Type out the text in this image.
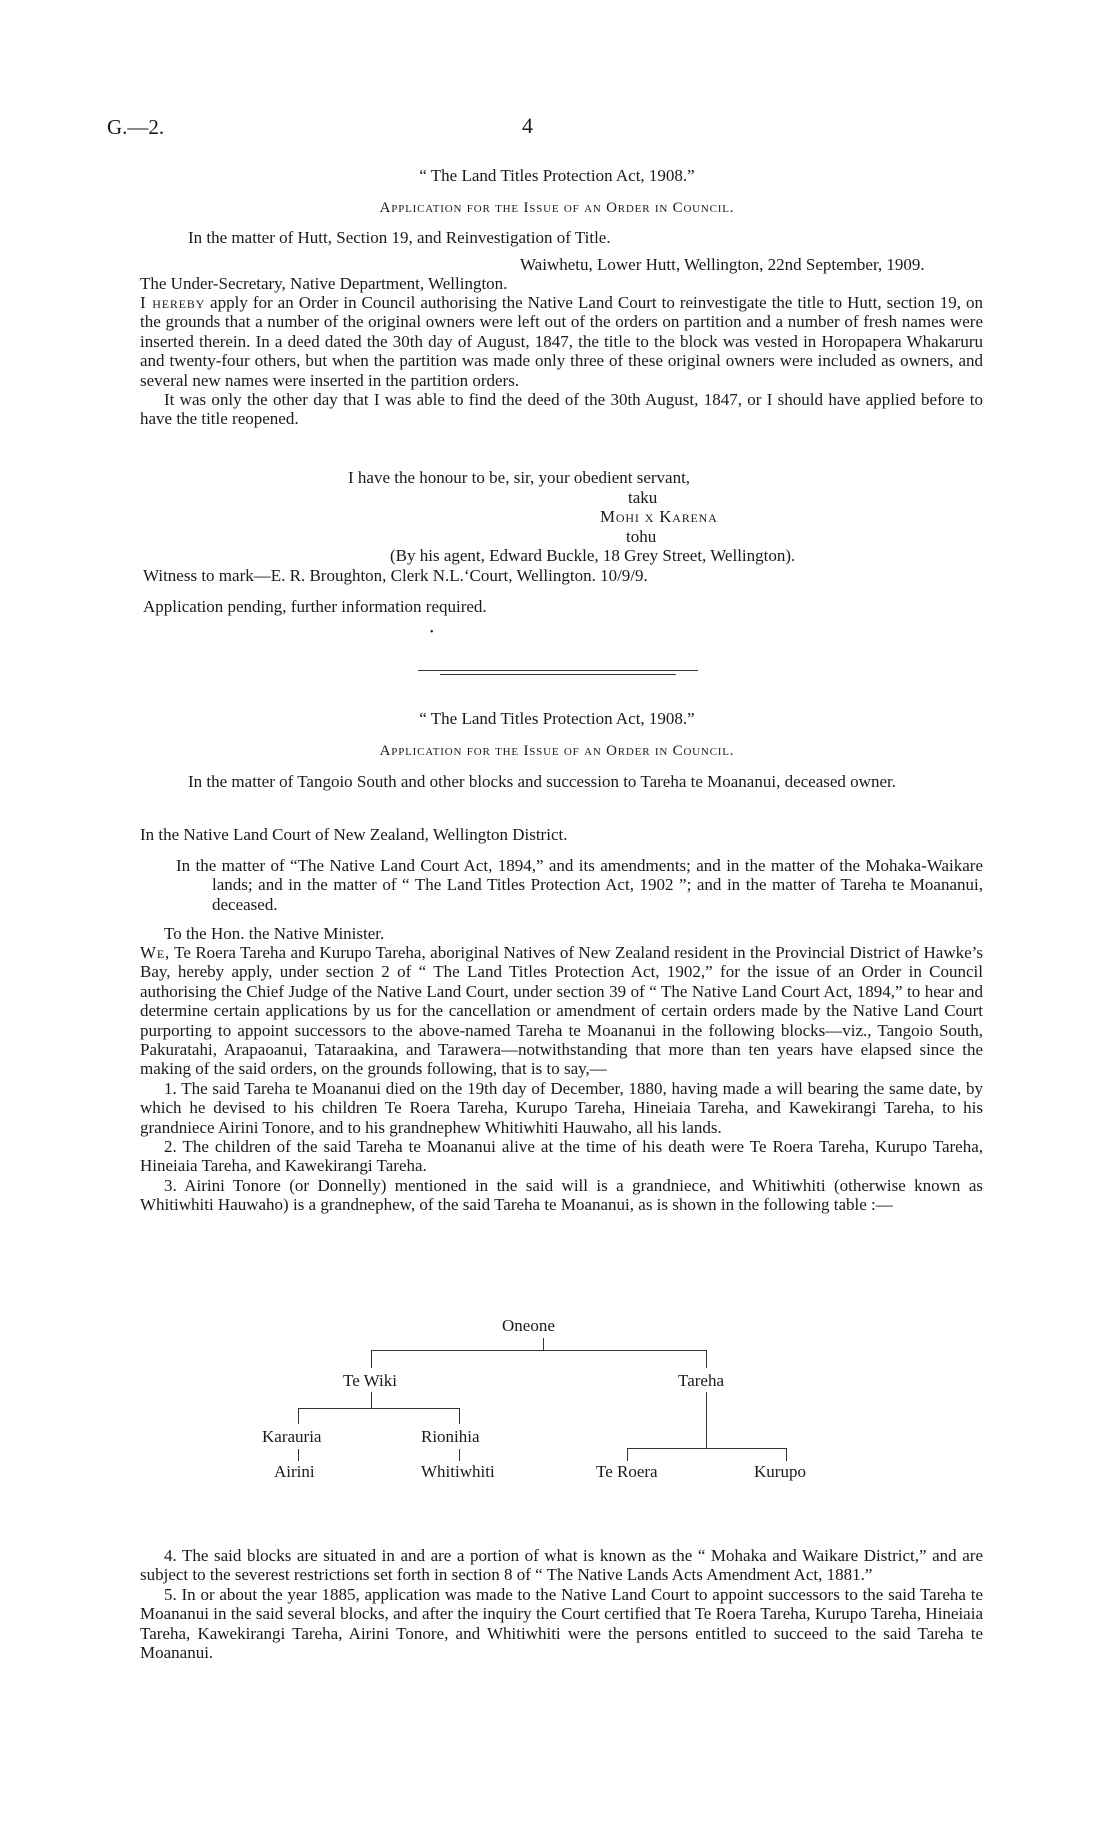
G.—2.	4
“ The Land Titles Protection Act, 1908.”
Application for the Issue of an Order in Council.
In the matter of Hutt, Section 19, and Reinvestigation of Title.
Waiwhetu, Lower Hutt, Wellington, 22nd September, 1909.
The Under-Secretary, Native Department, Wellington.

I hereby apply for an Order in Council authorising the Native Land Court to reinvestigate the title to Hutt, section 19, on the grounds that a number of the original owners were left out of the orders on partition and a number of fresh names were inserted therein. In a deed dated the 30th day of August, 1847, the title to the block was vested in Horopapera Whakaruru and twenty-four others, but when the partition was made only three of these original owners were included as owners, and several new names were inserted in the partition orders.

It was only the other day that I was able to find the deed of the 30th August, 1847, or I should have applied before to have the title reopened.

I have the honour to be, sir, your obedient servant,
taku
Mohi x Karena
tohu
(By his agent, Edward Buckle, 18 Grey Street, Wellington).
Witness to mark—E. R. Broughton, Clerk N.L.‘Court, Wellington. 10/9/9.
Application pending, further information required.
•
“ The Land Titles Protection Act, 1908.”
Application for the Issue of an Order in Council.
In the matter of Tangoio South and other blocks and succession to Tareha te Moananui, deceased owner.
In the Native Land Court of New Zealand, Wellington District.
In the matter of “The Native Land Court Act, 1894,” and its amendments; and in the matter of the Mohaka-Waikare lands; and in the matter of “ The Land Titles Protection Act, 1902 ”; and in the matter of Tareha te Moananui, deceased.
To the Hon. the Native Minister.

We, Te Roera Tareha and Kurupo Tareha, aboriginal Natives of New Zealand resident in the Provincial District of Hawke’s Bay, hereby apply, under section 2 of “ The Land Titles Protection Act, 1902,” for the issue of an Order in Council authorising the Chief Judge of the Native Land Court, under section 39 of “ The Native Land Court Act, 1894,” to hear and determine certain applications by us for the cancellation or amendment of certain orders made by the Native Land Court purporting to appoint successors to the above-named Tareha te Moananui in the following blocks—viz., Tangoio South, Pakuratahi, Arapaoanui, Tataraakina, and Tarawera—notwithstanding that more than ten years have elapsed since the making of the said orders, on the grounds following, that is to say,—

1. The said Tareha te Moananui died on the 19th day of December, 1880, having made a will bearing the same date, by which he devised to his children Te Roera Tareha, Kurupo Tareha, Hineiaia Tareha, and Kawekirangi Tareha, to his grandniece Airini Tonore, and to his grandnephew Whitiwhiti Hauwaho, all his lands.

2. The children of the said Tareha te Moananui alive at the time of his death were Te Roera Tareha, Kurupo Tareha, Hineiaia Tareha, and Kawekirangi Tareha.

3. Airini Tonore (or Donnelly) mentioned in the said will is a grandniece, and Whitiwhiti (otherwise known as Whitiwhiti Hauwaho) is a grandnephew, of the said Tareha te Moananui, as is shown in the following table :—

Oneone
Te Wiki	Tareha
Karauria	Rionihia
Airini	Whitiwhiti	Te Roera	Kurupo

4. The said blocks are situated in and are a portion of what is known as the “ Mohaka and Waikare District,” and are subject to the severest restrictions set forth in section 8 of “ The Native Lands Acts Amendment Act, 1881.”

5. In or about the year 1885, application was made to the Native Land Court to appoint successors to the said Tareha te Moananui in the said several blocks, and after the inquiry the Court certified that Te Roera Tareha, Kurupo Tareha, Hineiaia Tareha, Kawekirangi Tareha, Airini Tonore, and Whitiwhiti were the persons entitled to succeed to the said Tareha te Moananui.
